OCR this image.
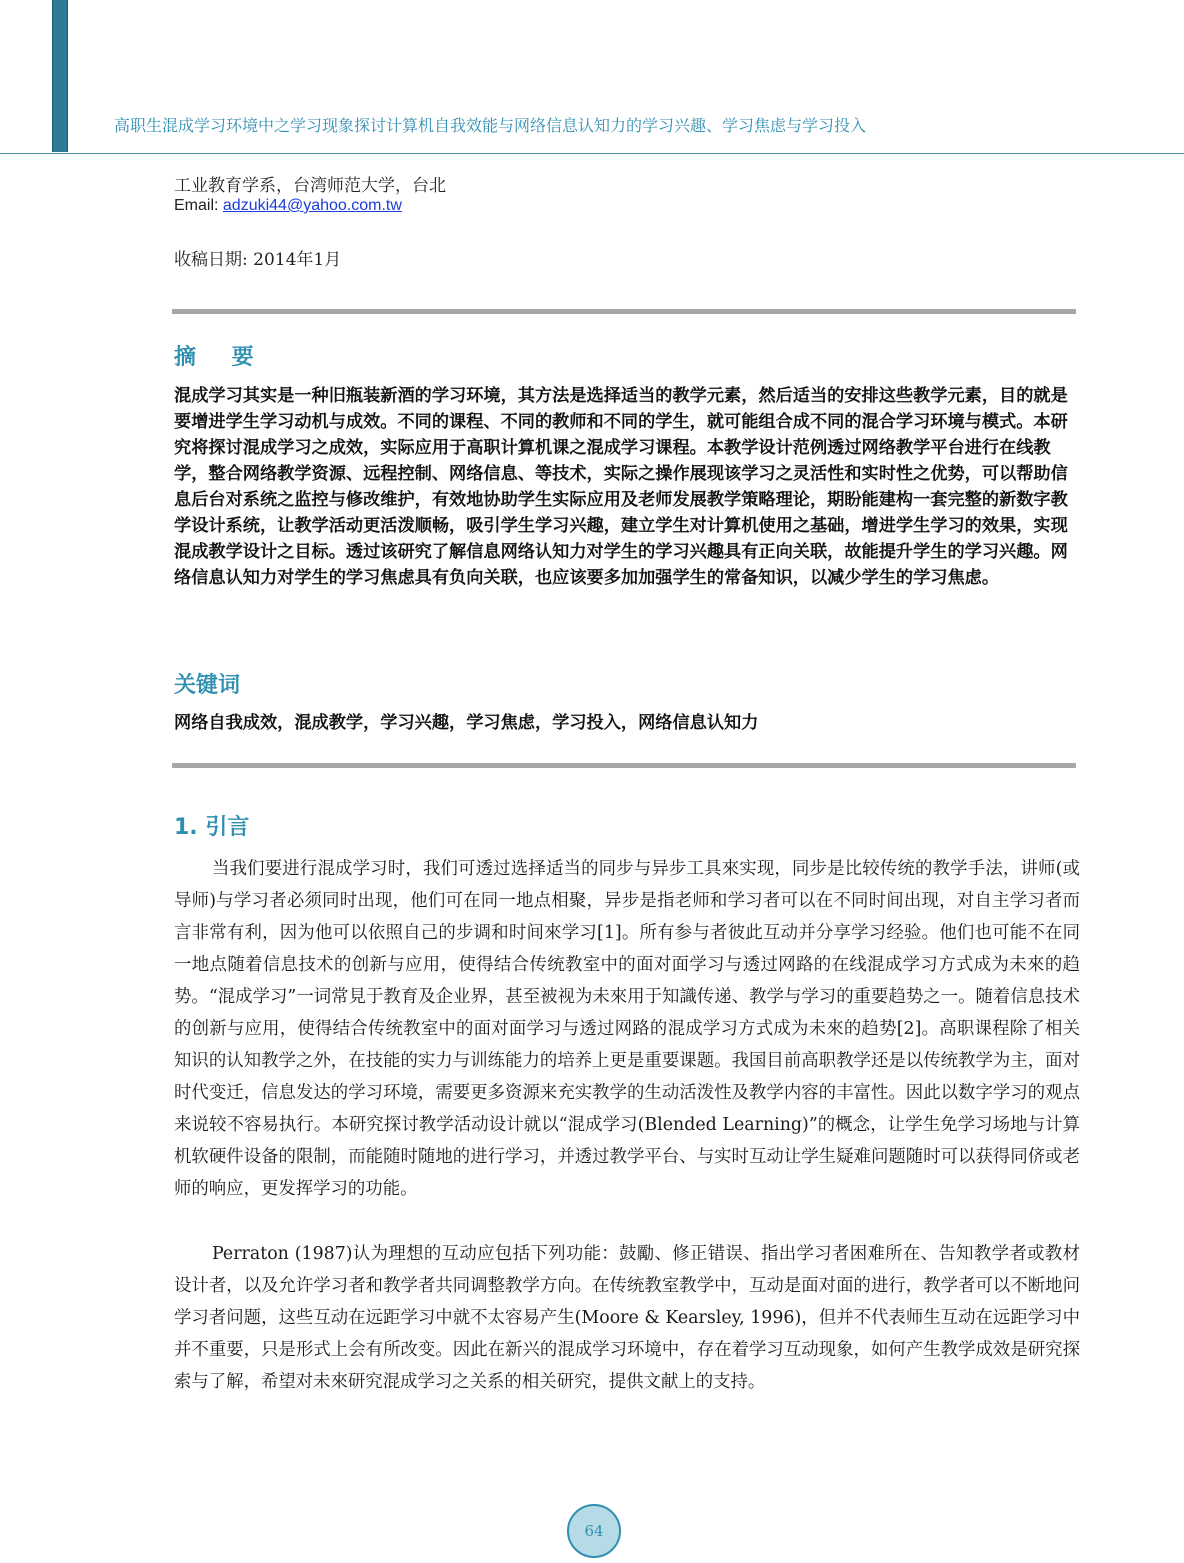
高职生混成学习环境中之学习现象探讨计算机自我效能与网络信息认知力的学习兴趣、学习焦虑与学习投入
工业教育学系，台湾师范大学，台北
Email: adzuki44@yahoo.com.tw
收稿日期: 2014年1月
摘 要
混成学习其实是一种旧瓶装新酒的学习环境，其方法是选择适当的教学元素，然后适当的安排这些教学元素，目的就是要增进学生学习动机与成效。不同的课程、不同的教师和不同的学生，就可能组合成不同的混合学习环境与模式。本研究将探讨混成学习之成效，实际应用于高职计算机课之混成学习课程。本教学设计范例透过网络教学平台进行在线教学，整合网络教学资源、远程控制、网络信息、等技术，实际之操作展现该学习之灵活性和实时性之优势，可以帮助信息后台对系统之监控与修改维护，有效地协助学生实际应用及老师发展教学策略理论，期盼能建构一套完整的新数字教学设计系统，让教学活动更活泼顺畅，吸引学生学习兴趣，建立学生对计算机使用之基础，增进学生学习的效果，实现混成教学设计之目标。透过该研究了解信息网络认知力对学生的学习兴趣具有正向关联，故能提升学生的学习兴趣。网络信息认知力对学生的学习焦虑具有负向关联，也应该要多加加强学生的常备知识，以减少学生的学习焦虑。
关键词
网络自我成效，混成教学，学习兴趣，学习焦虑，学习投入，网络信息认知力
1. 引言
当我们要进行混成学习时，我们可透过选择适当的同步与异步工具來实现，同步是比较传统的教学手法，讲师(或导师)与学习者必须同时出现，他们可在同一地点相聚，异步是指老师和学习者可以在不同时间出现，对自主学习者而言非常有利，因为他可以依照自己的步调和时间來学习[1]。所有参与者彼此互动并分享学习经验。他们也可能不在同一地点随着信息技术的创新与应用，使得结合传统教室中的面对面学习与透过网路的在线混成学习方式成为未來的趋势。“混成学习”一词常見于教育及企业界，甚至被视为未來用于知識传递、教学与学习的重要趋势之一。随着信息技术的创新与应用，使得结合传统教室中的面对面学习与透过网路的混成学习方式成为未來的趋势[2]。高职课程除了相关知识的认知教学之外，在技能的实力与训练能力的培养上更是重要课题。我国目前高职教学还是以传统教学为主，面对时代变迁，信息发达的学习环境，需要更多资源来充实教学的生动活泼性及教学内容的丰富性。因此以数字学习的观点来说较不容易执行。本研究探讨教学活动设计就以“混成学习(Blended Learning)”的概念，让学生免学习场地与计算机软硬件设备的限制，而能随时随地的进行学习，并透过教学平台、与实时互动让学生疑难问题随时可以获得同侪或老师的响应，更发挥学习的功能。
Perraton (1987)认为理想的互动应包括下列功能：鼓勵、修正错误、指出学习者困难所在、告知教学者或教材设计者，以及允许学习者和教学者共同调整教学方向。在传统教室教学中，互动是面对面的进行，教学者可以不断地问学习者问题，这些互动在远距学习中就不太容易产生(Moore & Kearsley, 1996)，但并不代表师生互动在远距学习中并不重要，只是形式上会有所改变。因此在新兴的混成学习环境中，存在着学习互动现象，如何产生教学成效是研究探索与了解，希望对未來研究混成学习之关系的相关研究，提供文献上的支持。
64
